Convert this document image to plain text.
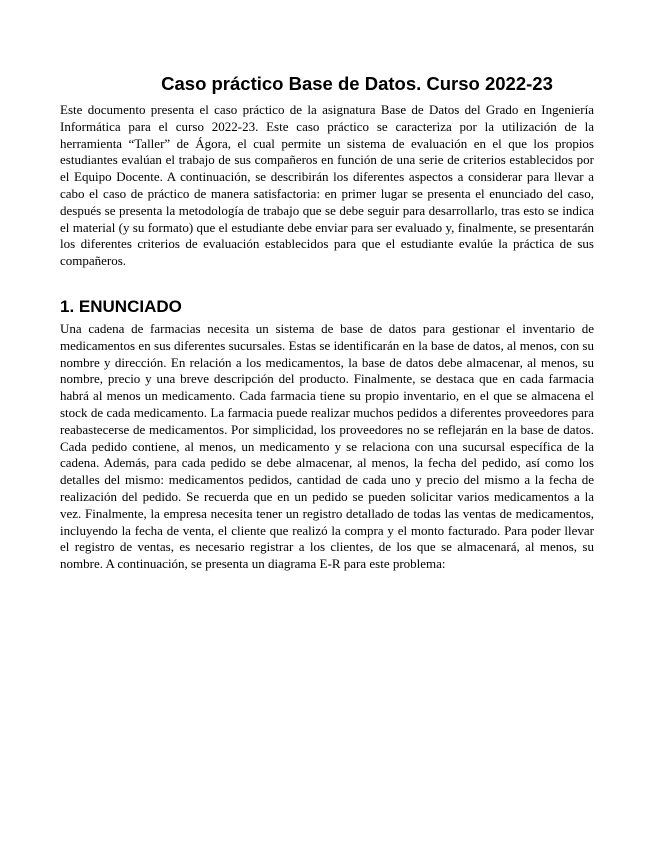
Caso práctico Base de Datos. Curso 2022-23

Este documento presenta el caso práctico de la asignatura Base de Datos del Grado en Ingeniería Informática para el curso 2022-23. Este caso práctico se caracteriza por la utilización de la herramienta “Taller” de Ágora, el cual permite un sistema de evaluación en el que los propios estudiantes evalúan el trabajo de sus compañeros en función de una serie de criterios establecidos por el Equipo Docente. A continuación, se describirán los diferentes aspectos a considerar para llevar a cabo el caso de práctico de manera satisfactoria: en primer lugar se presenta el enunciado del caso, después se presenta la metodología de trabajo que se debe seguir para desarrollarlo, tras esto se indica el material (y su formato) que el estudiante debe enviar para ser evaluado y, finalmente, se presentarán los diferentes criterios de evaluación establecidos para que el estudiante evalúe la práctica de sus compañeros.

1. ENUNCIADO

Una cadena de farmacias necesita un sistema de base de datos para gestionar el inventario de medicamentos en sus diferentes sucursales. Estas se identificarán en la base de datos, al menos, con su nombre y dirección. En relación a los medicamentos, la base de datos debe almacenar, al menos, su nombre, precio y una breve descripción del producto. Finalmente, se destaca que en cada farmacia habrá al menos un medicamento. Cada farmacia tiene su propio inventario, en el que se almacena el stock de cada medicamento. La farmacia puede realizar muchos pedidos a diferentes proveedores para reabastecerse de medicamentos. Por simplicidad, los proveedores no se reflejarán en la base de datos. Cada pedido contiene, al menos, un medicamento y se relaciona con una sucursal específica de la cadena. Además, para cada pedido se debe almacenar, al menos, la fecha del pedido, así como los detalles del mismo: medicamentos pedidos, cantidad de cada uno y precio del mismo a la fecha de realización del pedido. Se recuerda que en un pedido se pueden solicitar varios medicamentos a la vez. Finalmente, la empresa necesita tener un registro detallado de todas las ventas de medicamentos, incluyendo la fecha de venta, el cliente que realizó la compra y el monto facturado. Para poder llevar el registro de ventas, es necesario registrar a los clientes, de los que se almacenará, al menos, su nombre. A continuación, se presenta un diagrama E-R para este problema:
